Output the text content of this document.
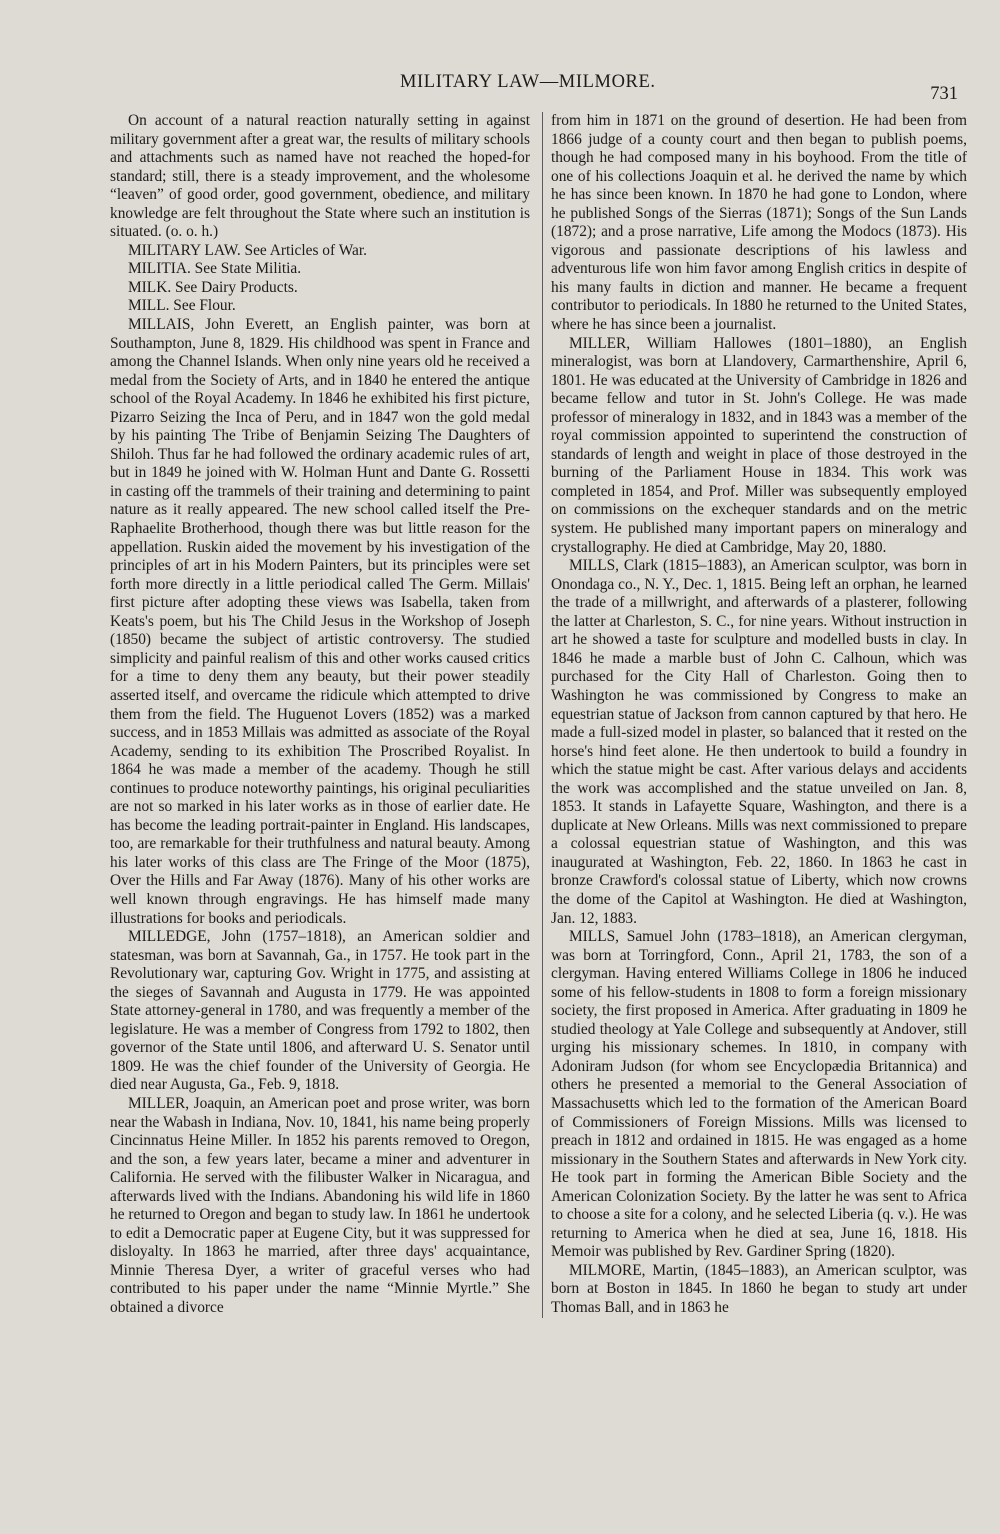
MILITARY LAW—MILMORE.
731

On account of a natural reaction naturally setting in against military government after a great war, the results of military schools and attachments such as named have not reached the hoped-for standard; still, there is a steady improvement, and the wholesome “leaven” of good order, good government, obedience, and military knowledge are felt throughout the State where such an institution is situated. (o. o. h.)

MILITARY LAW. See Articles of War.

MILITIA. See State Militia.

MILK. See Dairy Products.

MILL. See Flour.

MILLAIS, John Everett, an English painter, was born at Southampton, June 8, 1829. His childhood was spent in France and among the Channel Islands. When only nine years old he received a medal from the Society of Arts, and in 1840 he entered the antique school of the Royal Academy. In 1846 he exhibited his first picture, Pizarro Seizing the Inca of Peru, and in 1847 won the gold medal by his painting The Tribe of Benjamin Seizing The Daughters of Shiloh. Thus far he had followed the ordinary academic rules of art, but in 1849 he joined with W. Holman Hunt and Dante G. Rossetti in casting off the trammels of their training and determining to paint nature as it really appeared. The new school called itself the Pre-Raphaelite Brotherhood, though there was but little reason for the appellation. Ruskin aided the movement by his investigation of the principles of art in his Modern Painters, but its principles were set forth more directly in a little periodical called The Germ. Millais' first picture after adopting these views was Isabella, taken from Keats's poem, but his The Child Jesus in the Workshop of Joseph (1850) became the subject of artistic controversy. The studied simplicity and painful realism of this and other works caused critics for a time to deny them any beauty, but their power steadily asserted itself, and overcame the ridicule which attempted to drive them from the field. The Huguenot Lovers (1852) was a marked success, and in 1853 Millais was admitted as associate of the Royal Academy, sending to its exhibition The Proscribed Royalist. In 1864 he was made a member of the academy. Though he still continues to produce noteworthy paintings, his original peculiarities are not so marked in his later works as in those of earlier date. He has become the leading portrait-painter in England. His landscapes, too, are remarkable for their truthfulness and natural beauty. Among his later works of this class are The Fringe of the Moor (1875), Over the Hills and Far Away (1876). Many of his other works are well known through engravings. He has himself made many illustrations for books and periodicals.

MILLEDGE, John (1757–1818), an American soldier and statesman, was born at Savannah, Ga., in 1757. He took part in the Revolutionary war, capturing Gov. Wright in 1775, and assisting at the sieges of Savannah and Augusta in 1779. He was appointed State attorney-general in 1780, and was frequently a member of the legislature. He was a member of Congress from 1792 to 1802, then governor of the State until 1806, and afterward U. S. Senator until 1809. He was the chief founder of the University of Georgia. He died near Augusta, Ga., Feb. 9, 1818.

MILLER, Joaquin, an American poet and prose writer, was born near the Wabash in Indiana, Nov. 10, 1841, his name being properly Cincinnatus Heine Miller. In 1852 his parents removed to Oregon, and the son, a few years later, became a miner and adventurer in California. He served with the filibuster Walker in Nicaragua, and afterwards lived with the Indians. Abandoning his wild life in 1860 he returned to Oregon and began to study law. In 1861 he undertook to edit a Democratic paper at Eugene City, but it was suppressed for disloyalty. In 1863 he married, after three days' acquaintance, Minnie Theresa Dyer, a writer of graceful verses who had contributed to his paper under the name “Minnie Myrtle.” She obtained a divorce

from him in 1871 on the ground of desertion. He had been from 1866 judge of a county court and then began to publish poems, though he had composed many in his boyhood. From the title of one of his collections Joaquin et al. he derived the name by which he has since been known. In 1870 he had gone to London, where he published Songs of the Sierras (1871); Songs of the Sun Lands (1872); and a prose narrative, Life among the Modocs (1873). His vigorous and passionate descriptions of his lawless and adventurous life won him favor among English critics in despite of his many faults in diction and manner. He became a frequent contributor to periodicals. In 1880 he returned to the United States, where he has since been a journalist.

MILLER, William Hallowes (1801–1880), an English mineralogist, was born at Llandovery, Carmarthenshire, April 6, 1801. He was educated at the University of Cambridge in 1826 and became fellow and tutor in St. John's College. He was made professor of mineralogy in 1832, and in 1843 was a member of the royal commission appointed to superintend the construction of standards of length and weight in place of those destroyed in the burning of the Parliament House in 1834. This work was completed in 1854, and Prof. Miller was subsequently employed on commissions on the exchequer standards and on the metric system. He published many important papers on mineralogy and crystallography. He died at Cambridge, May 20, 1880.

MILLS, Clark (1815–1883), an American sculptor, was born in Onondaga co., N. Y., Dec. 1, 1815. Being left an orphan, he learned the trade of a millwright, and afterwards of a plasterer, following the latter at Charleston, S. C., for nine years. Without instruction in art he showed a taste for sculpture and modelled busts in clay. In 1846 he made a marble bust of John C. Calhoun, which was purchased for the City Hall of Charleston. Going then to Washington he was commissioned by Congress to make an equestrian statue of Jackson from cannon captured by that hero. He made a full-sized model in plaster, so balanced that it rested on the horse's hind feet alone. He then undertook to build a foundry in which the statue might be cast. After various delays and accidents the work was accomplished and the statue unveiled on Jan. 8, 1853. It stands in Lafayette Square, Washington, and there is a duplicate at New Orleans. Mills was next commissioned to prepare a colossal equestrian statue of Washington, and this was inaugurated at Washington, Feb. 22, 1860. In 1863 he cast in bronze Crawford's colossal statue of Liberty, which now crowns the dome of the Capitol at Washington. He died at Washington, Jan. 12, 1883.

MILLS, Samuel John (1783–1818), an American clergyman, was born at Torringford, Conn., April 21, 1783, the son of a clergyman. Having entered Williams College in 1806 he induced some of his fellow-students in 1808 to form a foreign missionary society, the first proposed in America. After graduating in 1809 he studied theology at Yale College and subsequently at Andover, still urging his missionary schemes. In 1810, in company with Adoniram Judson (for whom see Encyclopædia Britannica) and others he presented a memorial to the General Association of Massachusetts which led to the formation of the American Board of Commissioners of Foreign Missions. Mills was licensed to preach in 1812 and ordained in 1815. He was engaged as a home missionary in the Southern States and afterwards in New York city. He took part in forming the American Bible Society and the American Colonization Society. By the latter he was sent to Africa to choose a site for a colony, and he selected Liberia (q. v.). He was returning to America when he died at sea, June 16, 1818. His Memoir was published by Rev. Gardiner Spring (1820).

MILMORE, Martin, (1845–1883), an American sculptor, was born at Boston in 1845. In 1860 he began to study art under Thomas Ball, and in 1863 he
